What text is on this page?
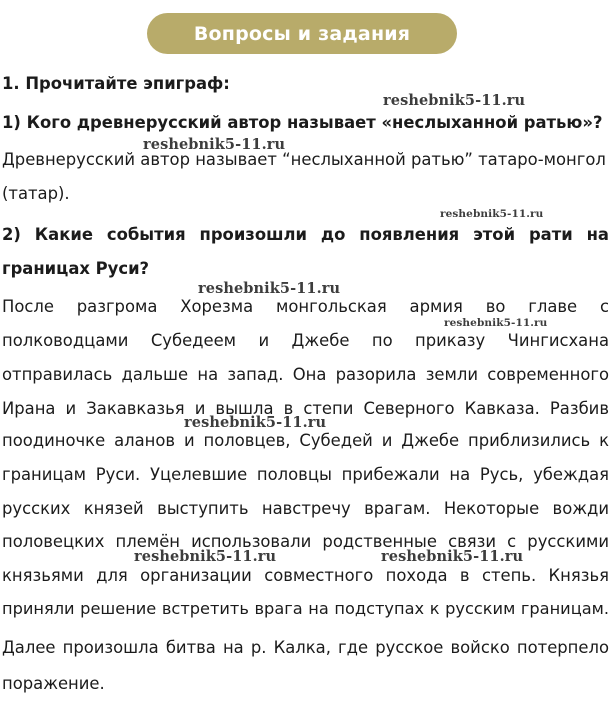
Вопросы и задания
1. Прочитайте эпиграф:
1) Кого древнерусский автор называет «неслыханной ратью»?
Древнерусский автор называет “неслыханной ратью” татаро-монгол
(татар).
2) Какие события произошли до появления этой рати на
границах Руси?
После разгрома Хорезма монгольская армия во главе с
полководцами Субедеем и Джебе по приказу Чингисхана
отправилась дальше на запад. Она разорила земли современного
Ирана и Закавказья и вышла в степи Северного Кавказа. Разбив
поодиночке аланов и половцев, Субедей и Джебе приблизились к
границам Руси. Уцелевшие половцы прибежали на Русь, убеждая
русских князей выступить навстречу врагам. Некоторые вожди
половецких племён использовали родственные связи с русскими
князьями для организации совместного похода в степь. Князья
приняли решение встретить врага на подступах к русским границам.
Далее произошла битва на р. Калка, где русское войско потерпело
поражение.
reshebnik5-11.ru
reshebnik5-11.ru
reshebnik5-11.ru
reshebnik5-11.ru
reshebnik5-11.ru
reshebnik5-11.ru
reshebnik5-11.ru	reshebnik5-11.ru
